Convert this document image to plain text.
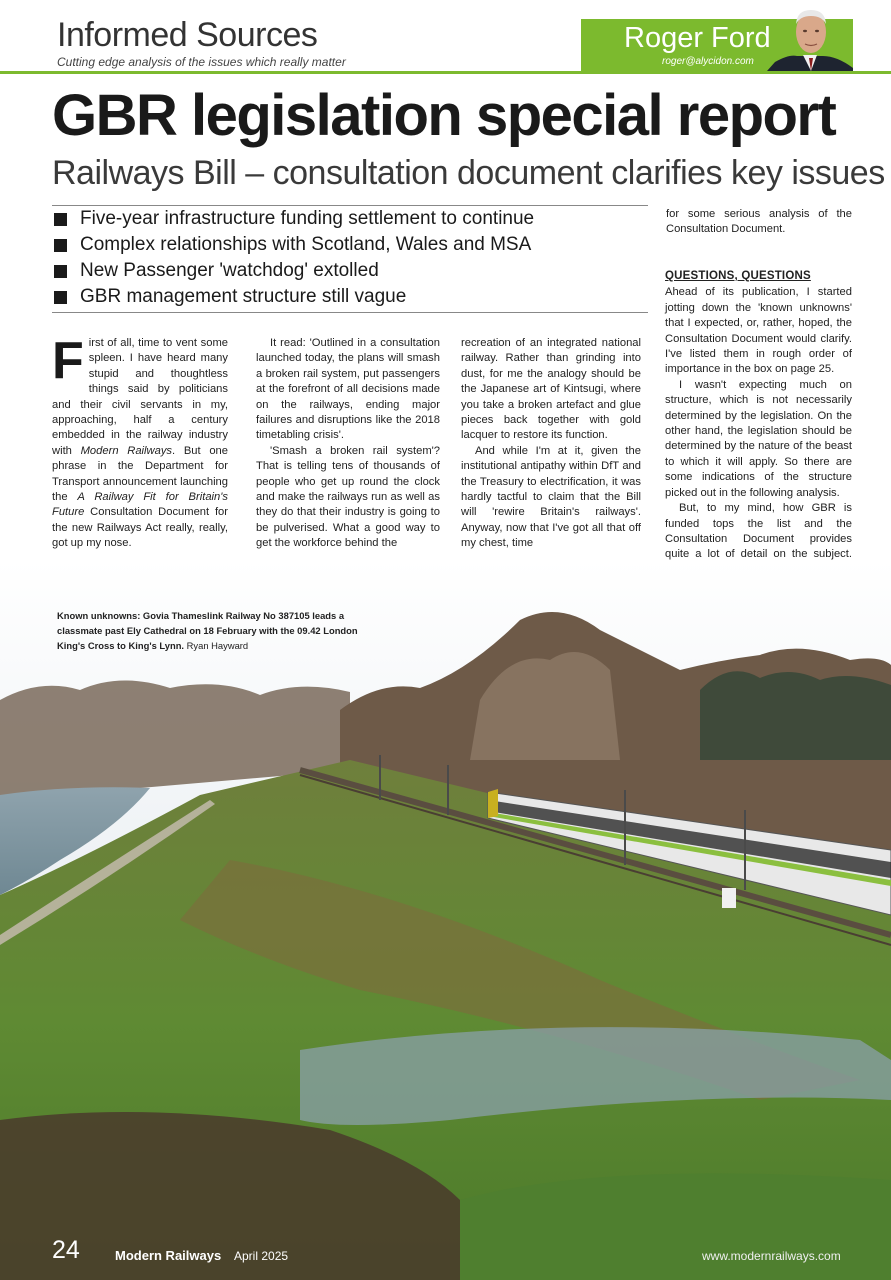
Informed Sources
Cutting edge analysis of the issues which really matter
Roger Ford
roger@alycidon.com
GBR legislation special report
Railways Bill – consultation document clarifies key issues
Five-year infrastructure funding settlement to continue
Complex relationships with Scotland, Wales and MSA
New Passenger 'watchdog' extolled
GBR management structure still vague

First of all, time to vent some spleen. I have heard many stupid and thoughtless things said by politicians and their civil servants in my, approaching, half a century embedded in the railway industry with Modern Railways. But one phrase in the Department for Transport announcement launching the A Railway Fit for Britain's Future Consultation Document for the new Railways Act really, really, got up my nose.

It read: 'Outlined in a consultation launched today, the plans will smash a broken rail system, put passengers at the forefront of all decisions made on the railways, ending major failures and disruptions like the 2018 timetabling crisis'.

'Smash a broken rail system'? That is telling tens of thousands of people who get up round the clock and make the railways run as well as they do that their industry is going to be pulverised. What a good way to get the workforce behind the

recreation of an integrated national railway. Rather than grinding into dust, for me the analogy should be the Japanese art of Kintsugi, where you take a broken artefact and glue pieces back together with gold lacquer to restore its function.

And while I'm at it, given the institutional antipathy within DfT and the Treasury to electrification, it was hardly tactful to claim that the Bill will 'rewire Britain's railways'. Anyway, now that I've got all that off my chest, time

for some serious analysis of the Consultation Document.

QUESTIONS, QUESTIONS

Ahead of its publication, I started jotting down the 'known unknowns' that I expected, or, rather, hoped, the Consultation Document would clarify. I've listed them in rough order of importance in the box on page 25.

I wasn't expecting much on structure, which is not necessarily determined by the legislation. On the other hand, the legislation should be determined by the nature of the beast to which it will apply. So there are some indications of the structure picked out in the following analysis.

But, to my mind, how GBR is funded tops the list and the Consultation Document provides quite a lot of detail on the subject.

Known unknowns: Govia Thameslink Railway No 387105 leads a classmate past Ely Cathedral on 18 February with the 09.42 London King's Cross to King's Lynn. Ryan Hayward
24	Modern Railways April 2025	www.modernrailways.com
